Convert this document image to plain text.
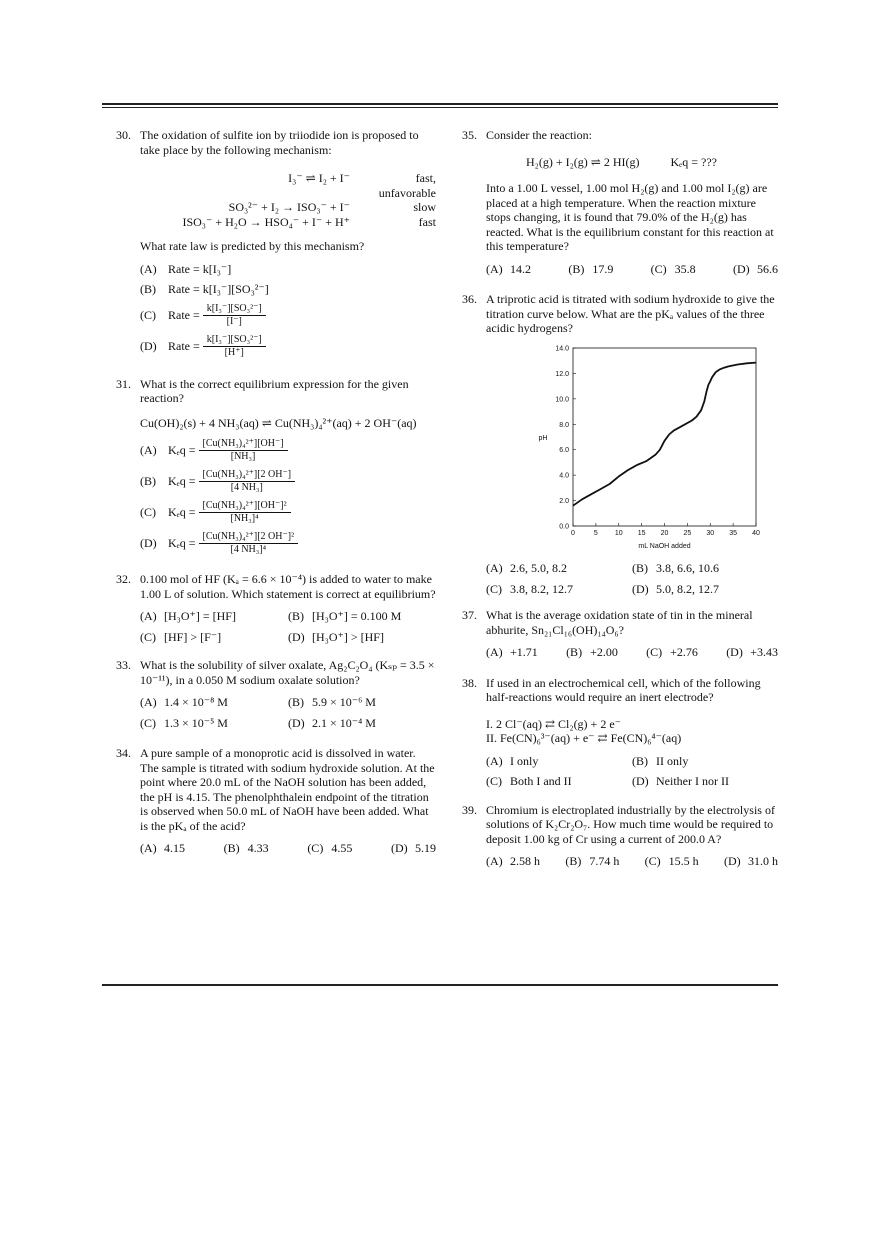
30. The oxidation of sulfite ion by triiodide ion is proposed to take place by the following mechanism:
I₃⁻ ⇌ I₂ + I⁻	fast, unfavorable
SO₃²⁻ + I₂ → ISO₃⁻ + I⁻	slow
ISO₃⁻ + H₂O → HSO₄⁻ + I⁻ + H⁺	fast
What rate law is predicted by this mechanism?
(A) Rate = k[I₃⁻]
(B)	Rate = k[I₃⁻][SO₃²⁻]
(C)	Rate = $\frac{\text{k[I₃⁻][SO₃²⁻]}}{[I^-]}$
(D) Rate = $\frac{\text{k[I₃⁻][SO₃²⁻]}}{[H^+]}$
31. What is the correct equilibrium expression for the given reaction?
Cu(OH)₂(s) + 4 NH₃(aq) ⇌ Cu(NH₃)₄²⁺(aq) + 2 OH⁻(aq)
(A) $K_eq = \frac{\text{[Cu(NH₃)₄²⁺][OH⁻]}}{\text{[NH₃]}}$
(B)	$K_eq = \frac{\text{[Cu(NH₃)₄²⁺][2 OH⁻]}}{\text{[4 NH₃]}}$
(C)	$K_eq = \frac{\text{[Cu(NH₃)₄²⁺][OH⁻]²}}{\text{[NH₃]⁴}}$
(D) $K_eq = \frac{\text{[Cu(NH₃)₄²⁺][2 OH⁻]²}}{\text{[4 NH₃]⁴}}$
32. 0.100 mol of HF (Kₐ = 6.6 × 10⁻⁴) is added to water to make 1.00 L of solution. Which statement is correct at equilibrium?
(A) [H₃O⁺] = [HF]	(B) [H₃O⁺] = 0.100 M
(C) [HF] > [F⁻]	(D) [H₃O⁺] > [HF]
33. What is the solubility of silver oxalate, Ag₂C₂O₄ (Kₛₚ = 3.5 × 10⁻¹¹), in a 0.050 M sodium oxalate solution?
(A) 1.4 × 10⁻⁸ M	(B) 5.9 × 10⁻⁶ M
(C) 1.3 × 10⁻⁵ M	(D) 2.1 × 10⁻⁴ M
34. A pure sample of a monoprotic acid is dissolved in water. The sample is titrated with sodium hydroxide solution. At the point where 20.0 mL of the NaOH solution has been added, the pH is 4.15. The phenolphthalein endpoint of the titration is observed when 50.0 mL of NaOH have been added. What is the pKₐ of the acid?
(A) 4.15	(B) 4.33	(C) 4.55	(D) 5.19
35. Consider the reaction:
H₂(g) + I₂(g) ⇌ 2 HI(g)	Kₑq = ???
Into a 1.00 L vessel, 1.00 mol H₂(g) and 1.00 mol I₂(g) are placed at a high temperature. When the reaction mixture stops changing, it is found that 79.0% of the H₂(g) has reacted. What is the equilibrium constant for this reaction at this temperature?
(A) 14.2	(B) 17.9	(C) 35.8	(D) 56.6
36. A triprotic acid is titrated with sodium hydroxide to give the titration curve below. What are the pKₐ values of the three acidic hydrogens?
0.0
2.0
4.0
6.0
8.0
10.0
12.0
14.0
0	5 10 15 20 25 30 35 40
mL NaOH added
pH
(A) 2.6, 5.0, 8.2	(B) 3.8, 6.6, 10.6
(C) 3.8, 8.2, 12.7	(D) 5.0, 8.2, 12.7
37. What is the average oxidation state of tin in the mineral abhurite, Sn₂₁Cl₁₆(OH)₁₄O₆?
(A) +1.71 (B) +2.00 (C) +2.76 (D) +3.43
38. If used in an electrochemical cell, which of the following half-reactions would require an inert electrode?
I. 2 Cl⁻(aq) ⇄ Cl₂(g) + 2 e⁻
II. Fe(CN)₆³⁻(aq) + e⁻ ⇄ Fe(CN)₆⁴⁻(aq)
(A) I only	(B) II only
(C) Both I and II	(D) Neither I nor II
39. Chromium is electroplated industrially by the electrolysis of solutions of K₂Cr₂O₇. How much time would be required to deposit 1.00 kg of Cr using a current of 200.0 A?
(A) 2.58 h (B) 7.74 h (C) 15.5 h (D) 31.0 h
